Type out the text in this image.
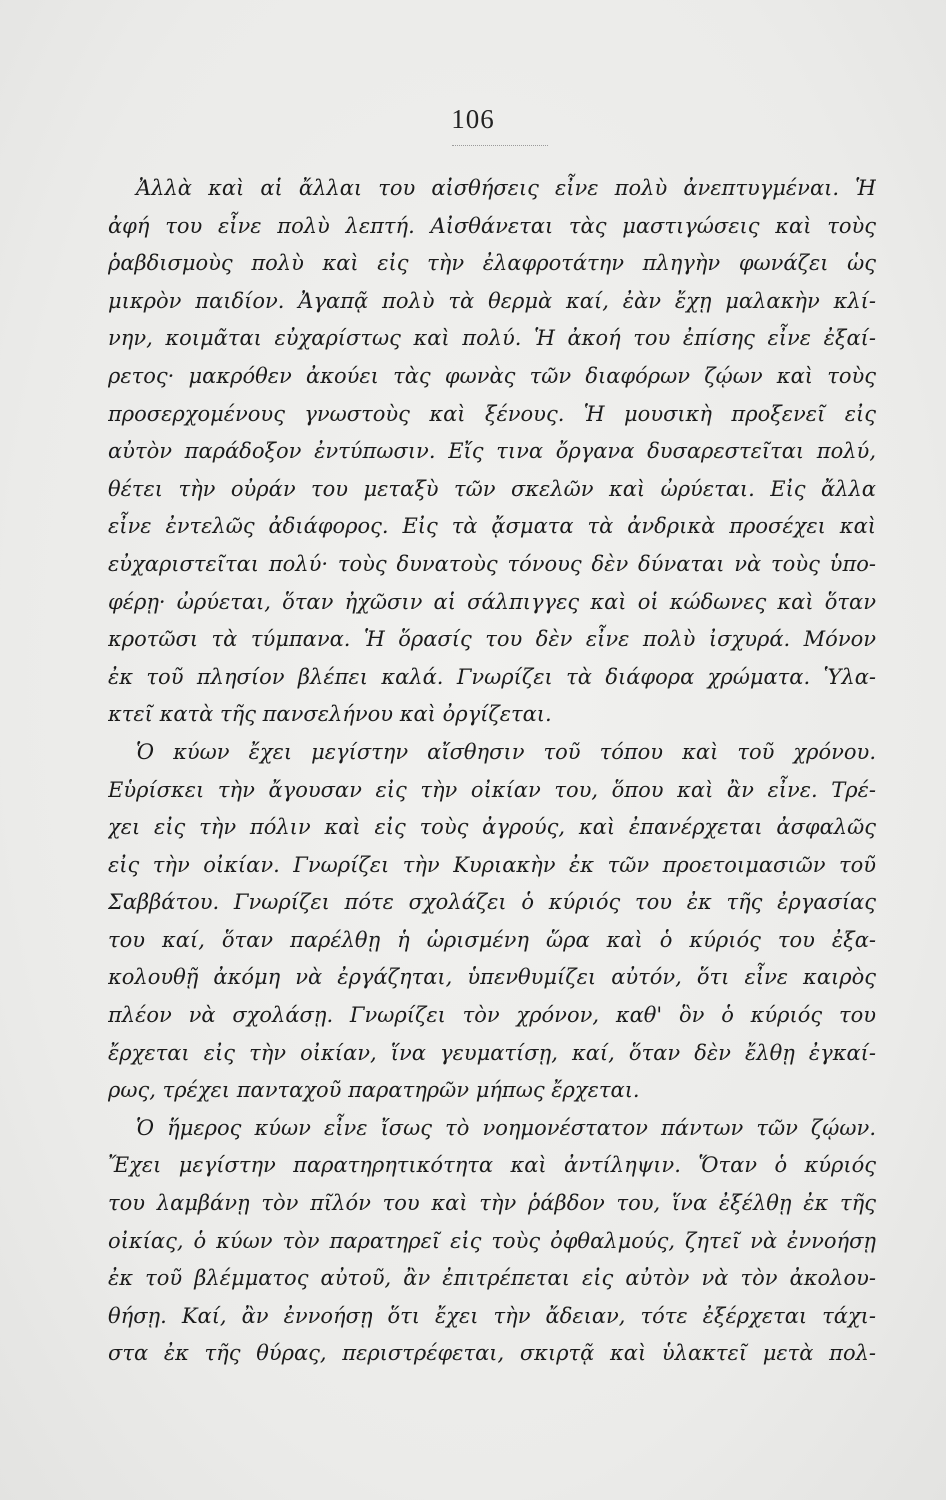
106
Ἀλλὰ καὶ αἱ ἄλλαι του αἰσθήσεις εἶνε πολὺ ἀνεπτυγμέναι. Ἡ
ἀφή του εἶνε πολὺ λεπτή. Αἰσθάνεται τὰς μαστιγώσεις καὶ τοὺς
ῥαβδισμοὺς πολὺ καὶ εἰς τὴν ἐλαφροτάτην πληγὴν φωνάζει ὡς
μικρὸν παιδίον. Ἀγαπᾷ πολὺ τὰ θερμὰ καί, ἐὰν ἔχῃ μαλακὴν κλί-
νην, κοιμᾶται εὐχαρίστως καὶ πολύ. Ἡ ἀκοή του ἐπίσης εἶνε ἐξαί-
ρετος· μακρόθεν ἀκούει τὰς φωνὰς τῶν διαφόρων ζῴων καὶ τοὺς
προσερχομένους γνωστοὺς καὶ ξένους. Ἡ μουσικὴ προξενεῖ εἰς
αὐτὸν παράδοξον ἐντύπωσιν. Εἴς τινα ὄργανα δυσαρεστεῖται πολύ,
θέτει τὴν οὐράν του μεταξὺ τῶν σκελῶν καὶ ὠρύεται. Εἰς ἄλλα
εἶνε ἐντελῶς ἀδιάφορος. Εἰς τὰ ᾄσματα τὰ ἀνδρικὰ προσέχει καὶ
εὐχαριστεῖται πολύ· τοὺς δυνατοὺς τόνους δὲν δύναται νὰ τοὺς ὑπο-
φέρῃ· ὠρύεται, ὅταν ἠχῶσιν αἱ σάλπιγγες καὶ οἱ κώδωνες καὶ ὅταν
κροτῶσι τὰ τύμπανα. Ἡ ὅρασίς του δὲν εἶνε πολὺ ἰσχυρά. Μόνον
ἐκ τοῦ πλησίον βλέπει καλά. Γνωρίζει τὰ διάφορα χρώματα. Ὑλα-
κτεῖ κατὰ τῆς πανσελήνου καὶ ὀργίζεται.
Ὁ κύων ἔχει μεγίστην αἴσθησιν τοῦ τόπου καὶ τοῦ χρόνου.
Εὑρίσκει τὴν ἄγουσαν εἰς τὴν οἰκίαν του, ὅπου καὶ ἂν εἶνε. Τρέ-
χει εἰς τὴν πόλιν καὶ εἰς τοὺς ἀγρούς, καὶ ἐπανέρχεται ἀσφαλῶς
εἰς τὴν οἰκίαν. Γνωρίζει τὴν Κυριακὴν ἐκ τῶν προετοιμασιῶν τοῦ
Σαββάτου. Γνωρίζει πότε σχολάζει ὁ κύριός του ἐκ τῆς ἐργασίας
του καί, ὅταν παρέλθῃ ἡ ὡρισμένη ὥρα καὶ ὁ κύριός του ἐξα-
κολουθῇ ἀκόμη νὰ ἐργάζηται, ὑπενθυμίζει αὐτόν, ὅτι εἶνε καιρὸς
πλέον νὰ σχολάσῃ. Γνωρίζει τὸν χρόνον, καθ' ὃν ὁ κύριός του
ἔρχεται εἰς τὴν οἰκίαν, ἵνα γευματίσῃ, καί, ὅταν δὲν ἔλθῃ ἐγκαί-
ρως, τρέχει πανταχοῦ παρατηρῶν μήπως ἔρχεται.
Ὁ ἥμερος κύων εἶνε ἴσως τὸ νοημονέστατον πάντων τῶν ζῴων.
Ἔχει μεγίστην παρατηρητικότητα καὶ ἀντίληψιν. Ὅταν ὁ κύριός
του λαμβάνῃ τὸν πῖλόν του καὶ τὴν ῥάβδον του, ἵνα ἐξέλθῃ ἐκ τῆς
οἰκίας, ὁ κύων τὸν παρατηρεῖ εἰς τοὺς ὀφθαλμούς, ζητεῖ νὰ ἐννοήσῃ
ἐκ τοῦ βλέμματος αὐτοῦ, ἂν ἐπιτρέπεται εἰς αὐτὸν νὰ τὸν ἀκολου-
θήσῃ. Καί, ἂν ἐννοήσῃ ὅτι ἔχει τὴν ἄδειαν, τότε ἐξέρχεται τάχι-
στα ἐκ τῆς θύρας, περιστρέφεται, σκιρτᾷ καὶ ὑλακτεῖ μετὰ πολ-
